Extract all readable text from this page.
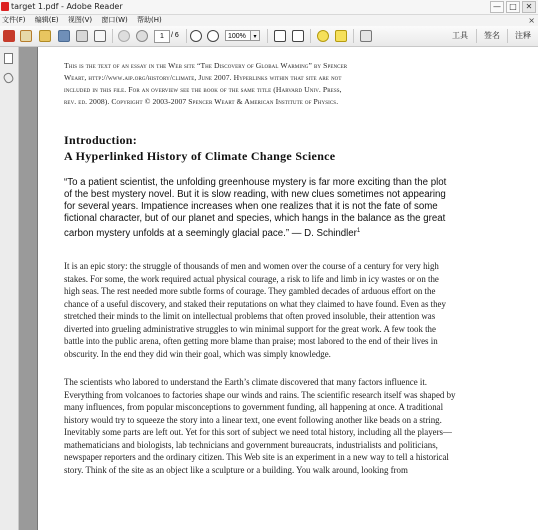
target 1.pdf - Adobe Reader	—	□	✕
文件(F) 编辑(E) 视图(V) 窗口(W) 帮助(H)	×
1	/ 6	100%	▾	工具 签名 注释
This is the text of an essay in the Web site “The Discovery of Global Warming” by Spencer
Weart, http://www.aip.org/history/climate, June 2007. Hyperlinks within that site are not
included in this file. For an overview see the book of the same title (Harvard Univ. Press,
rev. ed. 2008). Copyright © 2003-2007 Spencer Weart & American Institute of Physics.
Introduction:
A Hyperlinked History of Climate Change Science
“To a patient scientist, the unfolding greenhouse mystery is far more exciting than the plot of the best mystery novel. But it is slow reading, with new clues sometimes not appearing for several years. Impatience increases when one realizes that it is not the fate of some fictional character, but of our planet and species, which hangs in the balance as the great carbon mystery unfolds at a seemingly glacial pace.” — D. Schindler$^1$
It is an epic story: the struggle of thousands of men and women over the course of a century for very high stakes. For some, the work required actual physical courage, a risk to life and limb in icy wastes or on the high seas. The rest needed more subtle forms of courage. They gambled decades of arduous effort on the chance of a useful discovery, and staked their reputations on what they claimed to have found. Even as they stretched their minds to the limit on intellectual problems that often proved insoluble, their attention was diverted into grueling administrative struggles to win minimal support for the great work. A few took the battle into the public arena, often getting more blame than praise; most labored to the end of their lives in obscurity. In the end they did win their goal, which was simply knowledge.
The scientists who labored to understand the Earth’s climate discovered that many factors influence it. Everything from volcanoes to factories shape our winds and rains. The scientific research itself was shaped by many influences, from popular misconceptions to government funding, all happening at once. A traditional history would try to squeeze the story into a linear text, one event following another like beads on a string. Inevitably some parts are left out. Yet for this sort of subject we need total history, including all the players—mathematicians and biologists, lab technicians and government bureaucrats, industrialists and politicians, newspaper reporters and the ordinary citizen. This Web site is an experiment in a new way to tell a historical story. Think of the site as an object like a sculpture or a building. You walk around, looking from
